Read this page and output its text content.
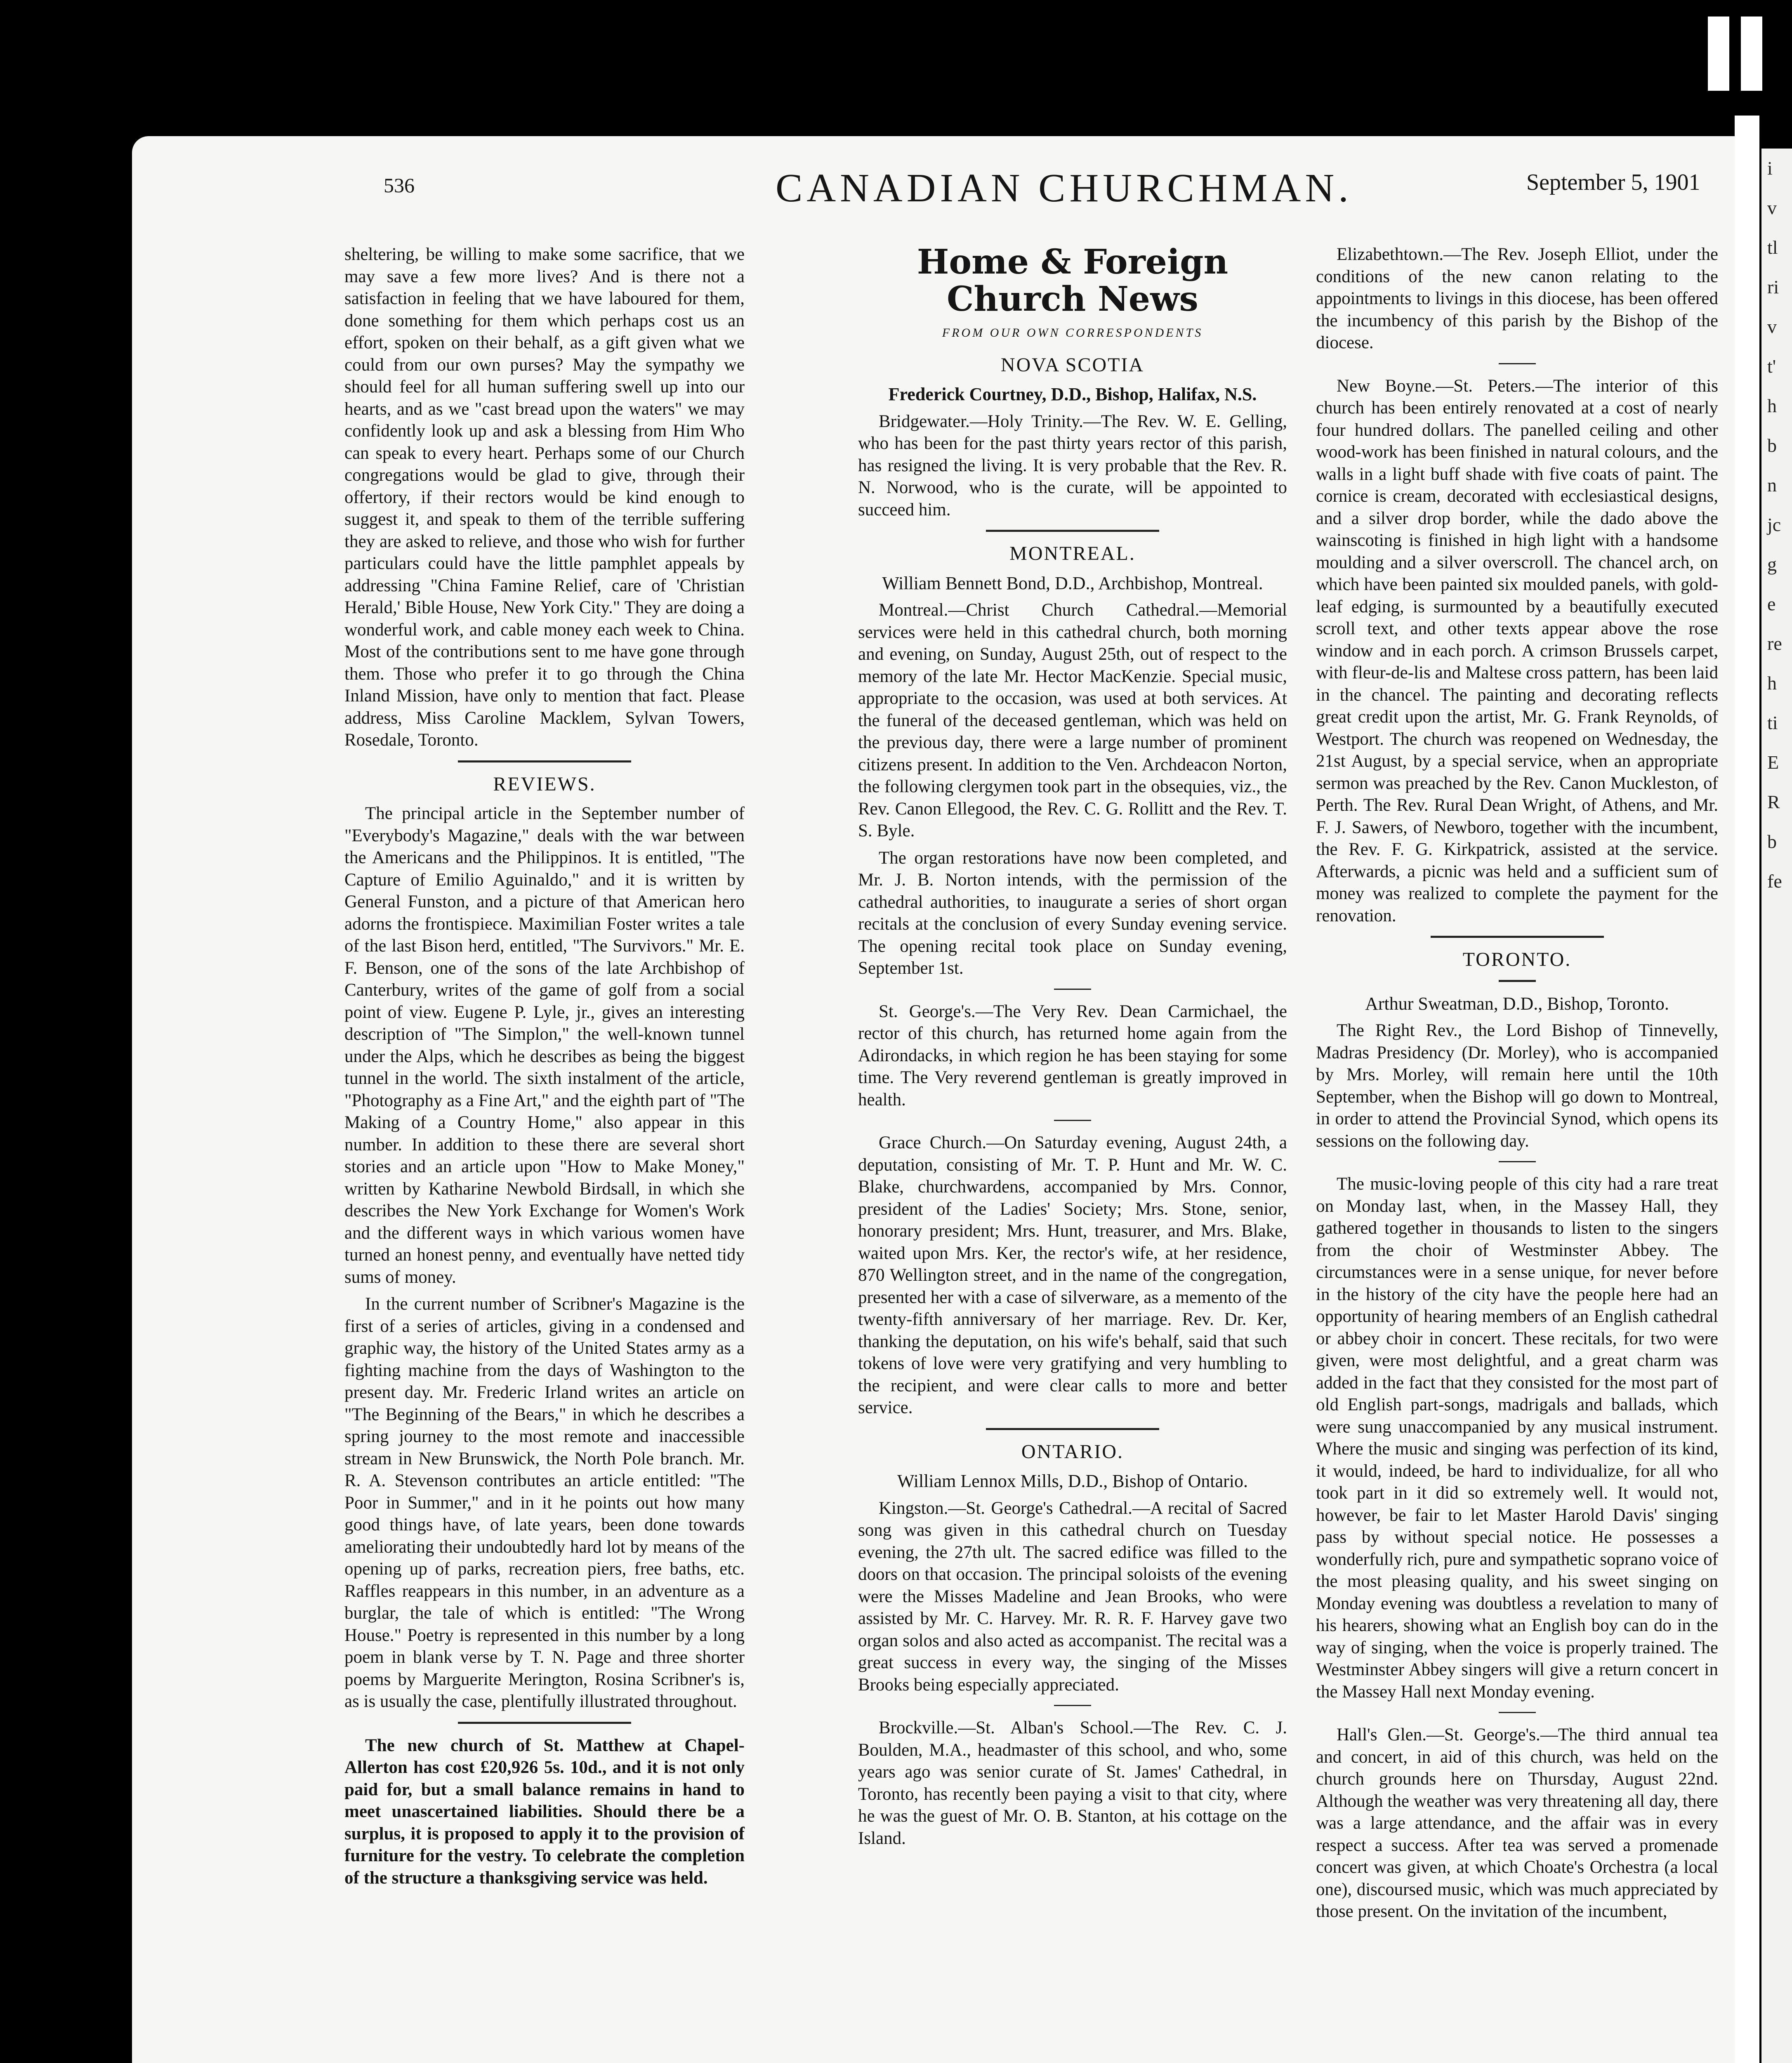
i
v
tl
ri
v
t'
h
b
n
jc
g
e
re
h
ti
E
R
b
fe
536	CANADIAN CHURCHMAN.	September 5, 1901

sheltering, be willing to make some sacrifice, that we may save a few more lives? And is there not a satisfaction in feeling that we have laboured for them, done something for them which perhaps cost us an effort, spoken on their behalf, as a gift given what we could from our own purses? May the sympathy we should feel for all human suffering swell up into our hearts, and as we "cast bread upon the waters" we may confidently look up and ask a blessing from Him Who can speak to every heart. Perhaps some of our Church congregations would be glad to give, through their offertory, if their rectors would be kind enough to suggest it, and speak to them of the terrible suffering they are asked to relieve, and those who wish for further particulars could have the little pamphlet appeals by addressing "China Famine Relief, care of 'Christian Herald,' Bible House, New York City." They are doing a wonderful work, and cable money each week to China. Most of the contributions sent to me have gone through them. Those who prefer it to go through the China Inland Mission, have only to mention that fact. Please address, Miss Caroline Macklem, Sylvan Towers, Rosedale, Toronto.

REVIEWS.

The principal article in the September number of "Everybody's Magazine," deals with the war between the Americans and the Philippinos. It is entitled, "The Capture of Emilio Aguinaldo," and it is written by General Funston, and a picture of that American hero adorns the frontispiece. Maximilian Foster writes a tale of the last Bison herd, entitled, "The Survivors." Mr. E. F. Benson, one of the sons of the late Archbishop of Canterbury, writes of the game of golf from a social point of view. Eugene P. Lyle, jr., gives an interesting description of "The Simplon," the well-known tunnel under the Alps, which he describes as being the biggest tunnel in the world. The sixth instalment of the article, "Photography as a Fine Art," and the eighth part of "The Making of a Country Home," also appear in this number. In addition to these there are several short stories and an article upon "How to Make Money," written by Katharine Newbold Birdsall, in which she describes the New York Exchange for Women's Work and the different ways in which various women have turned an honest penny, and eventually have netted tidy sums of money.

In the current number of Scribner's Magazine is the first of a series of articles, giving in a condensed and graphic way, the history of the United States army as a fighting machine from the days of Washington to the present day. Mr. Frederic Irland writes an article on "The Beginning of the Bears," in which he describes a spring journey to the most remote and inaccessible stream in New Brunswick, the North Pole branch. Mr. R. A. Stevenson contributes an article entitled: "The Poor in Summer," and in it he points out how many good things have, of late years, been done towards ameliorating their undoubtedly hard lot by means of the opening up of parks, recreation piers, free baths, etc. Raffles reappears in this number, in an adventure as a burglar, the tale of which is entitled: "The Wrong House." Poetry is represented in this number by a long poem in blank verse by T. N. Page and three shorter poems by Marguerite Merington, Rosina Scribner's is, as is usually the case, plentifully illustrated throughout.

The new church of St. Matthew at Chapel-Allerton has cost £20,926 5s. 10d., and it is not only paid for, but a small balance remains in hand to meet unascertained liabilities. Should there be a surplus, it is proposed to apply it to the provision of furniture for the vestry. To celebrate the completion of the structure a thanksgiving service was held.

Home & Foreign Church News
FROM OUR OWN CORRESPONDENTS
NOVA SCOTIA
Frederick Courtney, D.D., Bishop, Halifax, N.S.

Bridgewater.—Holy Trinity.—The Rev. W. E. Gelling, who has been for the past thirty years rector of this parish, has resigned the living. It is very probable that the Rev. R. N. Norwood, who is the curate, will be appointed to succeed him.

MONTREAL.
William Bennett Bond, D.D., Archbishop, Montreal.

Montreal.—Christ Church Cathedral.—Memorial services were held in this cathedral church, both morning and evening, on Sunday, August 25th, out of respect to the memory of the late Mr. Hector MacKenzie. Special music, appropriate to the occasion, was used at both services. At the funeral of the deceased gentleman, which was held on the previous day, there were a large number of prominent citizens present. In addition to the Ven. Archdeacon Norton, the following clergymen took part in the obsequies, viz., the Rev. Canon Ellegood, the Rev. C. G. Rollitt and the Rev. T. S. Byle.

The organ restorations have now been completed, and Mr. J. B. Norton intends, with the permission of the cathedral authorities, to inaugurate a series of short organ recitals at the conclusion of every Sunday evening service. The opening recital took place on Sunday evening, September 1st.

St. George's.—The Very Rev. Dean Carmichael, the rector of this church, has returned home again from the Adirondacks, in which region he has been staying for some time. The Very reverend gentleman is greatly improved in health.

Grace Church.—On Saturday evening, August 24th, a deputation, consisting of Mr. T. P. Hunt and Mr. W. C. Blake, churchwardens, accompanied by Mrs. Connor, president of the Ladies' Society; Mrs. Stone, senior, honorary president; Mrs. Hunt, treasurer, and Mrs. Blake, waited upon Mrs. Ker, the rector's wife, at her residence, 870 Wellington street, and in the name of the congregation, presented her with a case of silverware, as a memento of the twenty-fifth anniversary of her marriage. Rev. Dr. Ker, thanking the deputation, on his wife's behalf, said that such tokens of love were very gratifying and very humbling to the recipient, and were clear calls to more and better service.

ONTARIO.
William Lennox Mills, D.D., Bishop of Ontario.

Kingston.—St. George's Cathedral.—A recital of Sacred song was given in this cathedral church on Tuesday evening, the 27th ult. The sacred edifice was filled to the doors on that occasion. The principal soloists of the evening were the Misses Madeline and Jean Brooks, who were assisted by Mr. C. Harvey. Mr. R. R. F. Harvey gave two organ solos and also acted as accompanist. The recital was a great success in every way, the singing of the Misses Brooks being especially appreciated.

Brockville.—St. Alban's School.—The Rev. C. J. Boulden, M.A., headmaster of this school, and who, some years ago was senior curate of St. James' Cathedral, in Toronto, has recently been paying a visit to that city, where he was the guest of Mr. O. B. Stanton, at his cottage on the Island.

Elizabethtown.—The Rev. Joseph Elliot, under the conditions of the new canon relating to the appointments to livings in this diocese, has been offered the incumbency of this parish by the Bishop of the diocese.

New Boyne.—St. Peters.—The interior of this church has been entirely renovated at a cost of nearly four hundred dollars. The panelled ceiling and other wood-work has been finished in natural colours, and the walls in a light buff shade with five coats of paint. The cornice is cream, decorated with ecclesiastical designs, and a silver drop border, while the dado above the wainscoting is finished in high light with a handsome moulding and a silver overscroll. The chancel arch, on which have been painted six moulded panels, with gold-leaf edging, is surmounted by a beautifully executed scroll text, and other texts appear above the rose window and in each porch. A crimson Brussels carpet, with fleur-de-lis and Maltese cross pattern, has been laid in the chancel. The painting and decorating reflects great credit upon the artist, Mr. G. Frank Reynolds, of Westport. The church was reopened on Wednesday, the 21st August, by a special service, when an appropriate sermon was preached by the Rev. Canon Muckleston, of Perth. The Rev. Rural Dean Wright, of Athens, and Mr. F. J. Sawers, of Newboro, together with the incumbent, the Rev. F. G. Kirkpatrick, assisted at the service. Afterwards, a picnic was held and a sufficient sum of money was realized to complete the payment for the renovation.

TORONTO.
Arthur Sweatman, D.D., Bishop, Toronto.

The Right Rev., the Lord Bishop of Tinnevelly, Madras Presidency (Dr. Morley), who is accompanied by Mrs. Morley, will remain here until the 10th September, when the Bishop will go down to Montreal, in order to attend the Provincial Synod, which opens its sessions on the following day.

The music-loving people of this city had a rare treat on Monday last, when, in the Massey Hall, they gathered together in thousands to listen to the singers from the choir of Westminster Abbey. The circumstances were in a sense unique, for never before in the history of the city have the people here had an opportunity of hearing members of an English cathedral or abbey choir in concert. These recitals, for two were given, were most delightful, and a great charm was added in the fact that they consisted for the most part of old English part-songs, madrigals and ballads, which were sung unaccompanied by any musical instrument. Where the music and singing was perfection of its kind, it would, indeed, be hard to individualize, for all who took part in it did so extremely well. It would not, however, be fair to let Master Harold Davis' singing pass by without special notice. He possesses a wonderfully rich, pure and sympathetic soprano voice of the most pleasing quality, and his sweet singing on Monday evening was doubtless a revelation to many of his hearers, showing what an English boy can do in the way of singing, when the voice is properly trained. The Westminster Abbey singers will give a return concert in the Massey Hall next Monday evening.

Hall's Glen.—St. George's.—The third annual tea and concert, in aid of this church, was held on the church grounds here on Thursday, August 22nd. Although the weather was very threatening all day, there was a large attendance, and the affair was in every respect a success. After tea was served a promenade concert was given, at which Choate's Orchestra (a local one), discoursed music, which was much appreciated by those present. On the invitation of the incumbent,
